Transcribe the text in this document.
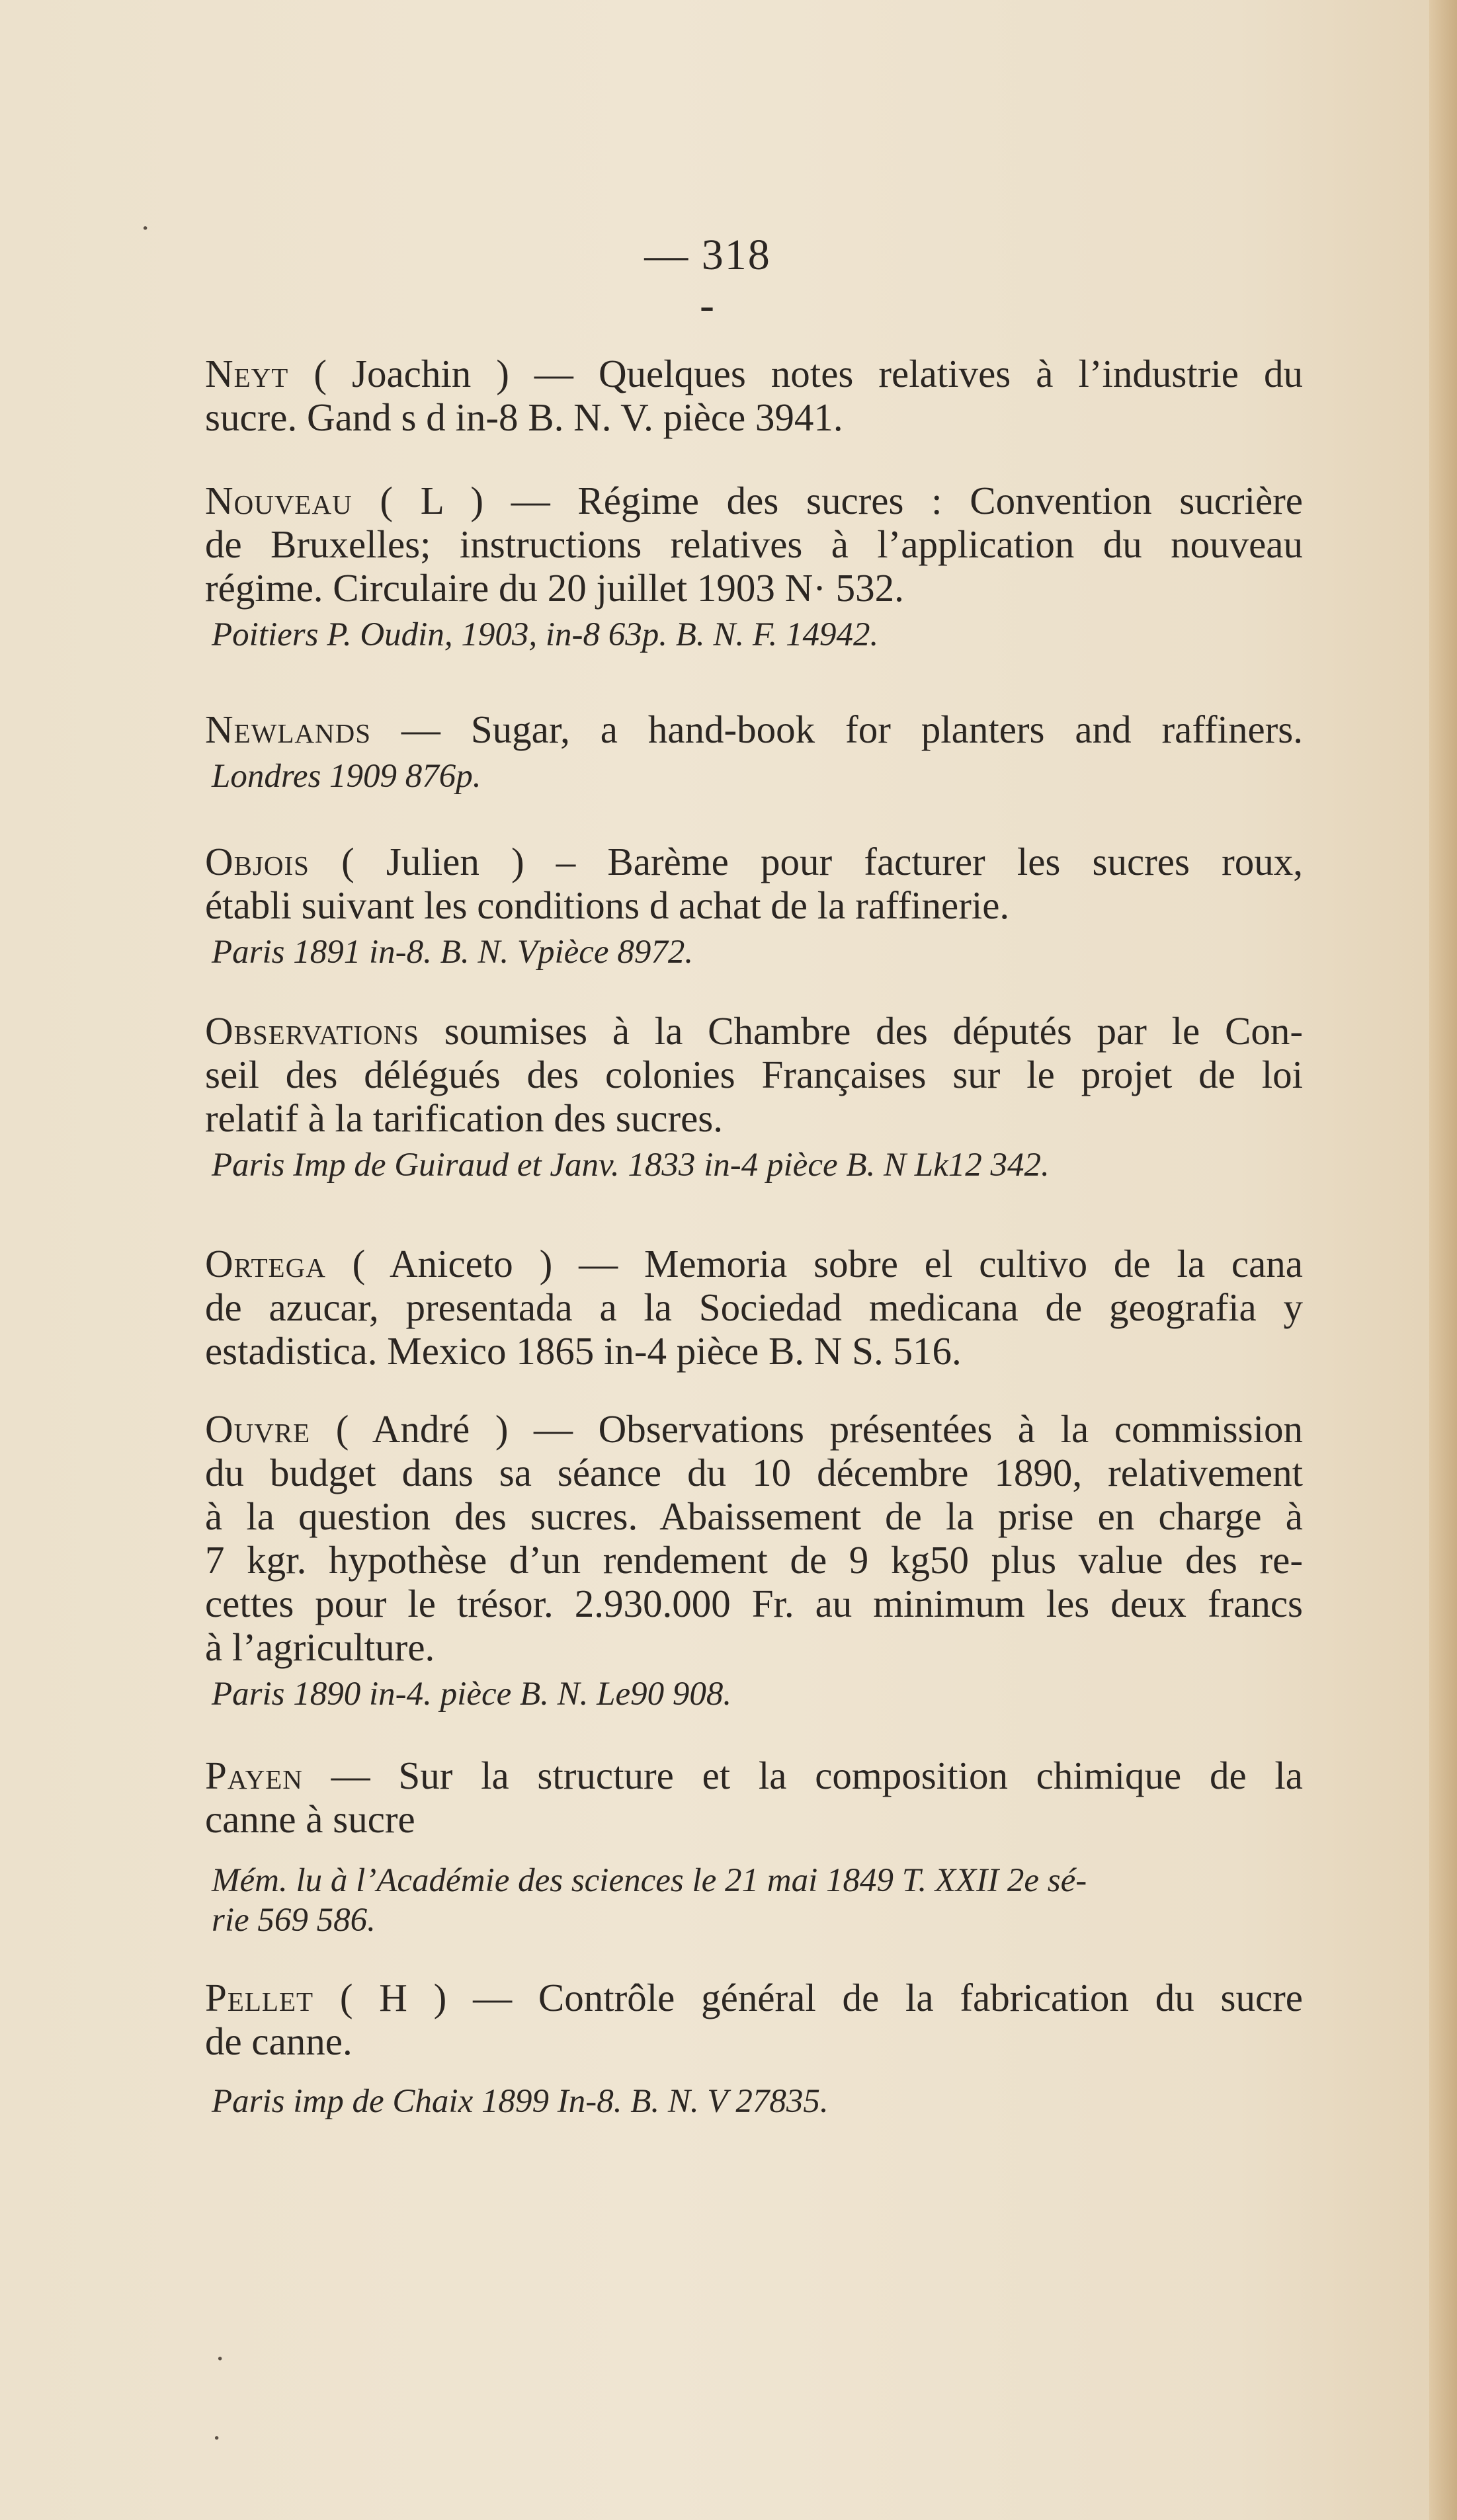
— 318 -
Neyt ( Joachin ) — Quelques notes relatives à l’industrie du
sucre. Gand s d in-8 B. N. V. pièce 3941.
Nouveau ( L ) — Régime des sucres : Convention sucrière
de Bruxelles; instructions relatives à l’application du nouveau
régime. Circulaire du 20 juillet 1903 N· 532.
Poitiers P. Oudin, 1903, in-8 63p. B. N. F. 14942.
Newlands — Sugar, a hand-book for planters and raffiners.
Londres 1909 876p.
Objois ( Julien ) – Barème pour facturer les sucres roux,
établi suivant les conditions d achat de la raffinerie.
Paris 1891 in-8. B. N. Vpièce 8972.
Observations soumises à la Chambre des députés par le Con-
seil des délégués des colonies Françaises sur le projet de loi
relatif à la tarification des sucres.
Paris Imp de Guiraud et Janv. 1833 in-4 pièce B. N Lk12 342.
Ortega ( Aniceto ) — Memoria sobre el cultivo de la cana
de azucar, presentada a la Sociedad medicana de geografia y
estadistica. Mexico 1865 in-4 pièce B. N S. 516.
Ouvre ( André ) — Observations présentées à la commission
du budget dans sa séance du 10 décembre 1890, relativement
à la question des sucres. Abaissement de la prise en charge à
7 kgr. hypothèse d’un rendement de 9 kg50 plus value des re-
cettes pour le trésor. 2.930.000 Fr. au minimum les deux francs
à l’agriculture.
Paris 1890 in-4. pièce B. N. Le90 908.
Payen — Sur la structure et la composition chimique de la
canne à sucre
Mém. lu à l’Académie des sciences le 21 mai 1849 T. XXII 2e sé-
rie 569 586.
Pellet ( H ) — Contrôle général de la fabrication du sucre
de canne.
Paris imp de Chaix 1899 In-8. B. N. V 27835.
·
·
·
